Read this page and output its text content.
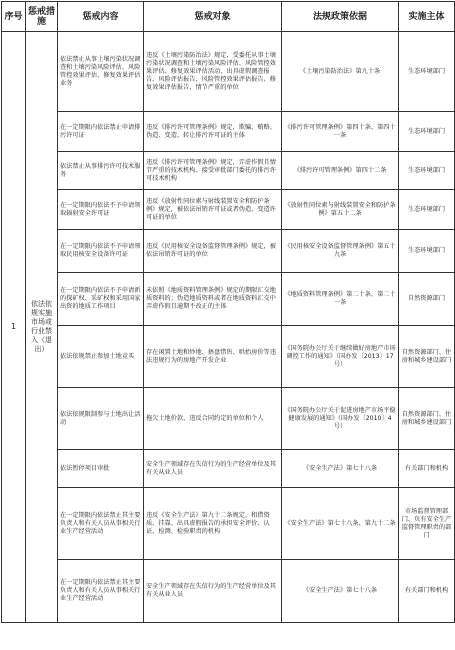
序号	惩戒措施	惩戒内容	惩戒对象	法规政策依据	实施主体
1	依法依规实施市场或行业禁入（退出）	依法禁止从事土壤污染状况调查和土壤污染风险评估、风险管控效果评估、修复效果评估业务	违反《土壤污染防治法》规定，受委托从事土壤污染状况调查和土壤污染风险评估、风险管控效果评估、修复效果评估活动，出具虚假调查报告、风险评估报告、风险管控效果评估报告、修复效果评估报告，情节严重的单位	《土壤污染防治法》第九十条	生态环境部门
		在一定期限内依法禁止申请排污许可证	违反《排污许可管理条例》规定，欺骗、贿赂、伪造、变造、转让排污许可证的主体	《排污许可管理条例》第四十条、第四十一条	生态环境部门
		依法禁止从事排污许可技术服务	违反《排污许可管理条例》规定，弄虚作假且情节严重的技术机构、接受审批部门委托的排污许可技术机构	《排污许可管理条例》第四十二条	生态环境部门
		在一定期限内依法不予申请领取辐射安全许可证	违反《放射性同位素与射线装置安全和防护条例》规定，被依法吊销许可证或者伪造、变造许可证的单位	《放射性同位素与射线装置安全和防护条例》第五十二条	生态环境部门
		在一定期限内依法不予申请领取民用核安全设备许可证	违反《民用核安全设备监督管理条例》规定，被依法吊销许可证的单位	《民用核安全设备监督管理条例》第五十九条	生态环境部门
		在一定期限内依法不予申请新的探矿权、采矿权和采用国家出资的地质工作项目	未依照《地质资料管理条例》规定的期限汇交地质资料的；伪造地质资料或者在地质资料汇交中弄虚作假且逾期不改正的主体	《地质资料管理条例》第二十条、第二十一条	自然资源部门
		依法依规禁止参加土地竞买	存在闲置土地和炒地、捂盘惜售、哄抬房价等违法违规行为的房地产开发企业	《国务院办公厅关于继续做好房地产市场调控工作的通知》（国办发〔2013〕17号）	自然资源部门、住房和城乡建设部门
		依法依规限制参与土地出让活动	拖欠土地价款、违反合同约定的单位和个人	《国务院办公厅关于促进房地产市场平稳健康发展的通知》（国办发〔2010〕4号）	自然资源部门、住房和城乡建设部门
		依法暂停项目审批	安全生产领域存在失信行为的生产经营单位及其有关从业人员	《安全生产法》第七十八条	有关部门和机构
		在一定期限内依法禁止其主要负责人和有关人员从事相关行业生产经营活动	违反《安全生产法》第九十二条规定，租借资质、挂靠、出具虚假报告的承担安全评价、认证、检测、检验职责的机构	《安全生产法》第七十八条、第九十二条	市场监督管理部门、负有安全生产监督管理职责的部门
		在一定期限内依法禁止其主要负责人和有关人员从事相关行业生产经营活动	安全生产领域存在失信行为的生产经营单位及其有关从业人员	《安全生产法》第七十八条	有关部门和机构
